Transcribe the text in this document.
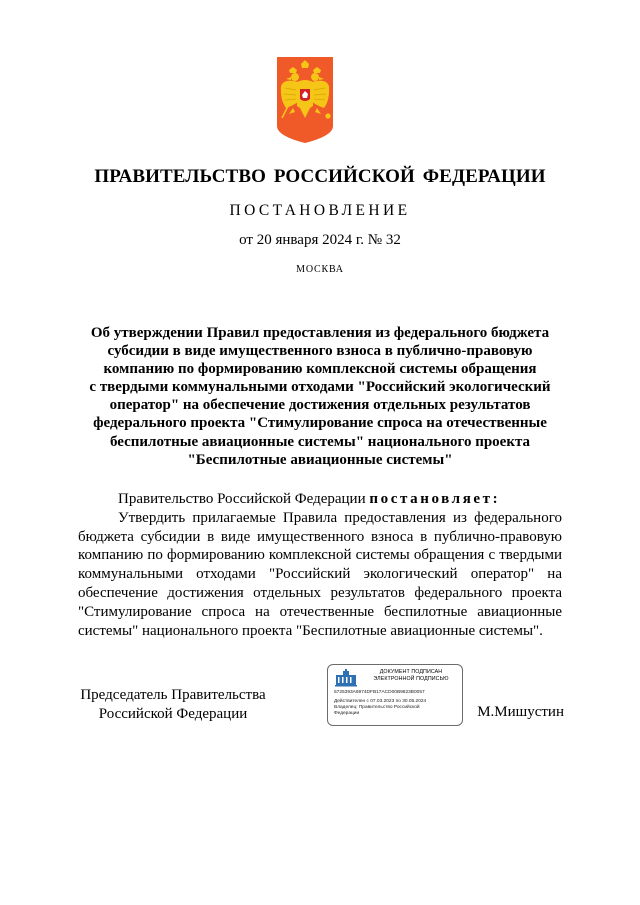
ПРАВИТЕЛЬСТВО РОССИЙСКОЙ ФЕДЕРАЦИИ
ПОСТАНОВЛЕНИЕ
от 20 января 2024 г. № 32
МОСКВА
Об утверждении Правил предоставления из федерального бюджета
субсидии в виде имущественного взноса в публично-правовую
компанию по формированию комплексной системы обращения
с твердыми коммунальными отходами "Российский экологический
оператор" на обеспечение достижения отдельных результатов
федерального проекта "Стимулирование спроса на отечественные
беспилотные авиационные системы" национального проекта
"Беспилотные авиационные системы"

Правительство Российской Федерации постановляет:

Утвердить прилагаемые Правила предоставления из федерального бюджета субсидии в виде имущественного взноса в публично-правовую компанию по формированию комплексной системы обращения с твердыми коммунальными отходами "Российский экологический оператор" на обеспечение достижения отдельных результатов федерального проекта "Стимулирование спроса на отечественные беспилотные авиационные системы" национального проекта "Беспилотные авиационные системы".

Председатель Правительства
Российской Федерации
ДОКУМЕНТ ПОДПИСАН
ЭЛЕКТРОННОЙ ПОДПИСЬЮ
5725393A6974DFB17ACD00B9823B0057
Действителен с 07.03.2023 по 30.05.2024
Владелец: Правительство Российской
Федерации	М.Мишустин
